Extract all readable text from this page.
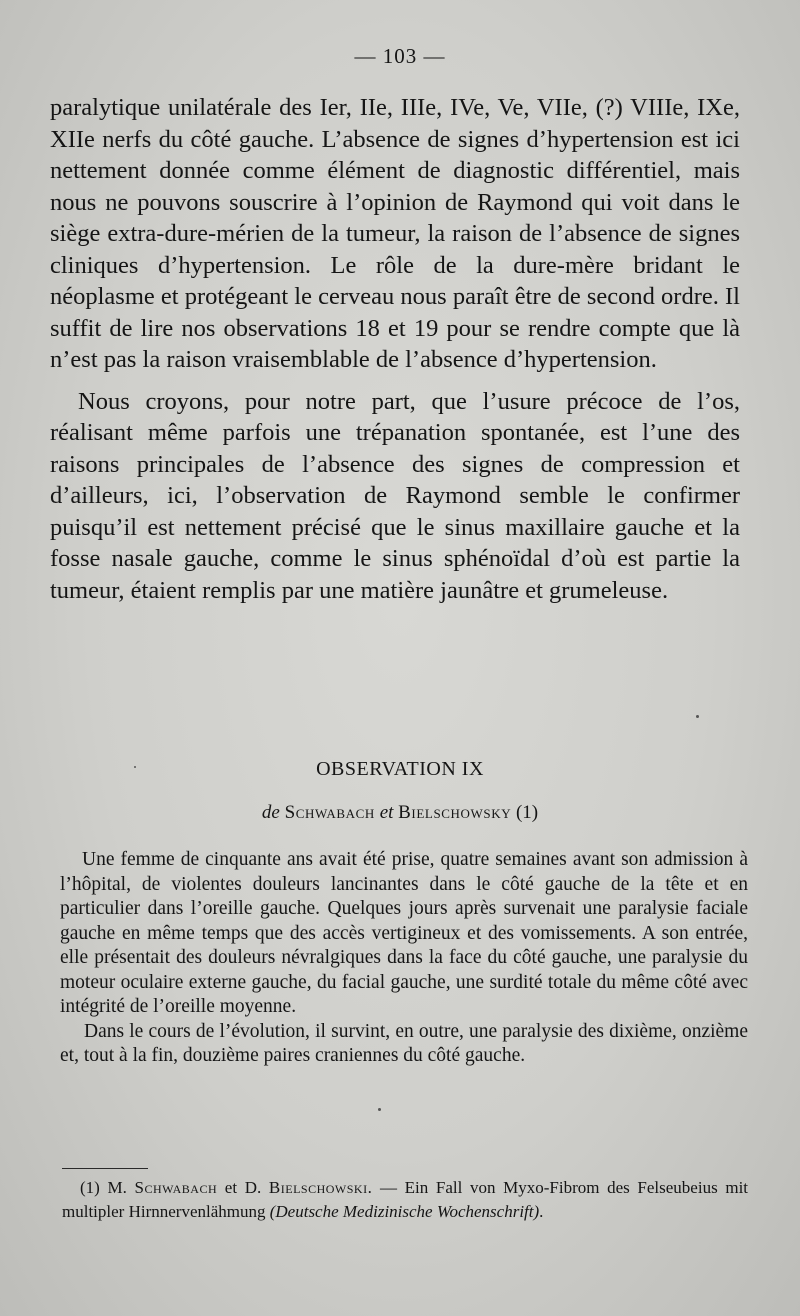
— 103 —

paralytique unilatérale des Ier, IIe, IIIe, IVe, Ve, VIIe, (?) VIIIe, IXe, XIIe nerfs du côté gauche. L’absence de signes d’hypertension est ici nettement donnée comme élément de diagnostic différentiel, mais nous ne pouvons souscrire à l’opinion de Raymond qui voit dans le siège extra-dure-mérien de la tumeur, la raison de l’absence de signes cliniques d’hypertension. Le rôle de la dure-mère bridant le néoplasme et protégeant le cerveau nous paraît être de second ordre. Il suffit de lire nos observations 18 et 19 pour se rendre compte que là n’est pas la raison vraisemblable de l’absence d’hypertension.

Nous croyons, pour notre part, que l’usure précoce de l’os, réalisant même parfois une trépanation spontanée, est l’une des raisons principales de l’absence des signes de compression et d’ailleurs, ici, l’observation de Raymond semble le confirmer puisqu’il est nettement précisé que le sinus maxillaire gauche et la fosse nasale gauche, comme le sinus sphénoïdal d’où est partie la tumeur, étaient remplis par une matière jaunâtre et grumeleuse.

OBSERVATION IX
de Schwabach et Bielschowsky (1)

Une femme de cinquante ans avait été prise, quatre semaines avant son admission à l’hôpital, de violentes douleurs lancinantes dans le côté gauche de la tête et en particulier dans l’oreille gauche. Quelques jours après survenait une paralysie faciale gauche en même temps que des accès vertigineux et des vomissements. A son entrée, elle présentait des douleurs névralgiques dans la face du côté gauche, une paralysie du moteur oculaire externe gauche, du facial gauche, une surdité totale du même côté avec intégrité de l’oreille moyenne.

Dans le cours de l’évolution, il survint, en outre, une paralysie des dixième, onzième et, tout à la fin, douzième paires craniennes du côté gauche.

(1) M. Schwabach et D. Bielschowski. — Ein Fall von Myxo-Fibrom des Felseubeius mit multipler Hirnnervenlähmung (Deutsche Medizinische Wochenschrift).
